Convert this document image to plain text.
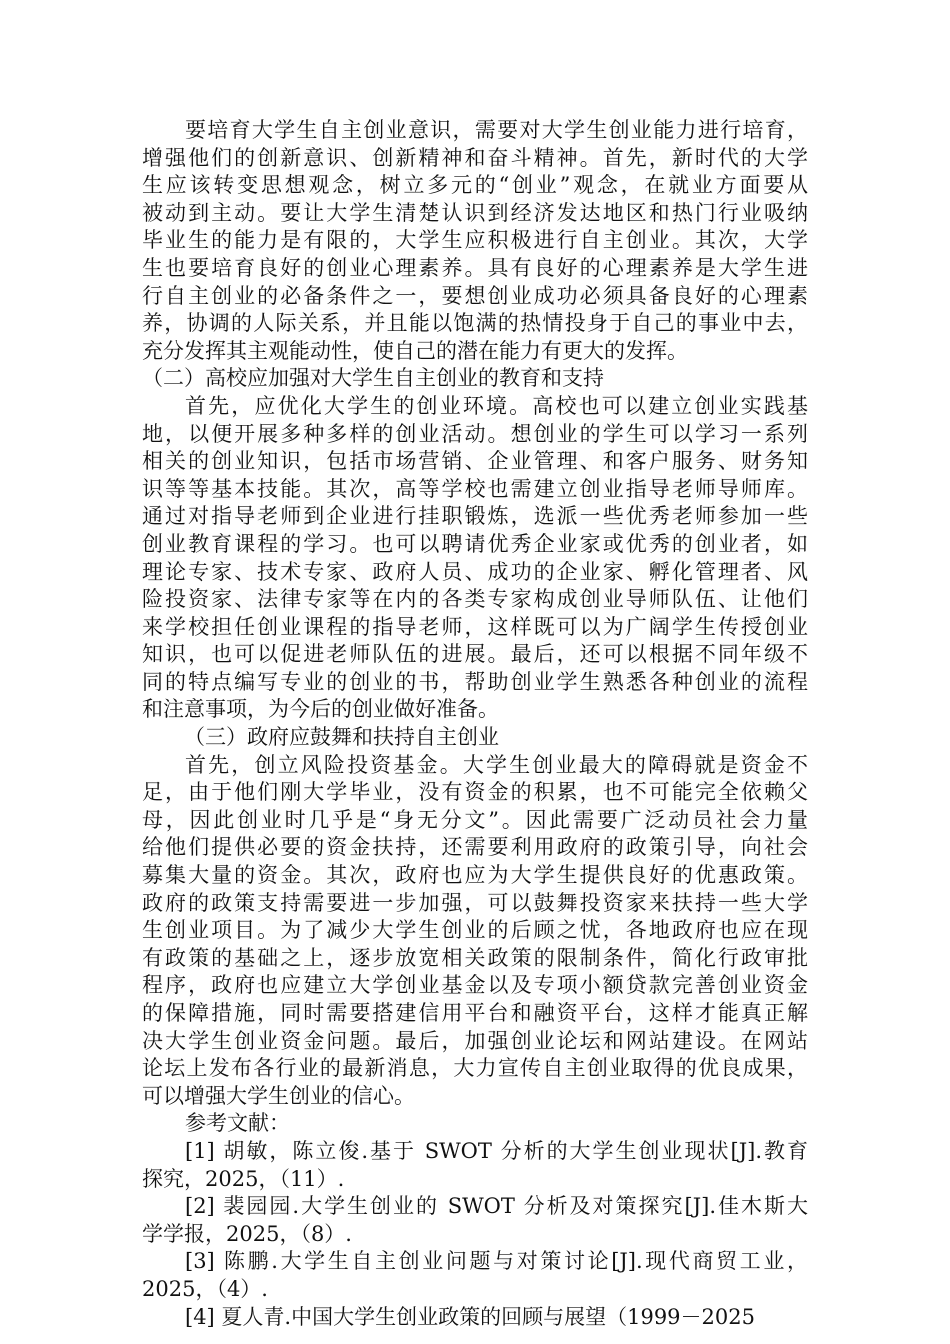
要培育大学生自主创业意识，需要对大学生创业能力进行培育，
增强他们的创新意识、创新精神和奋斗精神。首先，新时代的大学
生应该转变思想观念，树立多元的“创业”观念，在就业方面要从
被动到主动。要让大学生清楚认识到经济发达地区和热门行业吸纳
毕业生的能力是有限的，大学生应积极进行自主创业。其次，大学
生也要培育良好的创业心理素养。具有良好的心理素养是大学生进
行自主创业的必备条件之一，要想创业成功必须具备良好的心理素
养，协调的人际关系，并且能以饱满的热情投身于自己的事业中去，
充分发挥其主观能动性，使自己的潜在能力有更大的发挥。
（二）高校应加强对大学生自主创业的教育和支持
首先，应优化大学生的创业环境。高校也可以建立创业实践基
地，以便开展多种多样的创业活动。想创业的学生可以学习一系列
相关的创业知识，包括市场营销、企业管理、和客户服务、财务知
识等等基本技能。其次，高等学校也需建立创业指导老师导师库。
通过对指导老师到企业进行挂职锻炼，选派一些优秀老师参加一些
创业教育课程的学习。也可以聘请优秀企业家或优秀的创业者，如
理论专家、技术专家、政府人员、成功的企业家、孵化管理者、风
险投资家、法律专家等在内的各类专家构成创业导师队伍、让他们
来学校担任创业课程的指导老师，这样既可以为广阔学生传授创业
知识，也可以促进老师队伍的进展。最后，还可以根据不同年级不
同的特点编写专业的创业的书，帮助创业学生熟悉各种创业的流程
和注意事项，为今后的创业做好准备。
（三）政府应鼓舞和扶持自主创业
首先，创立风险投资基金。大学生创业最大的障碍就是资金不
足，由于他们刚大学毕业，没有资金的积累，也不可能完全依赖父
母，因此创业时几乎是“身无分文”。因此需要广泛动员社会力量
给他们提供必要的资金扶持，还需要利用政府的政策引导，向社会
募集大量的资金。其次，政府也应为大学生提供良好的优惠政策。
政府的政策支持需要进一步加强，可以鼓舞投资家来扶持一些大学
生创业项目。为了减少大学生创业的后顾之忧，各地政府也应在现
有政策的基础之上，逐步放宽相关政策的限制条件，简化行政审批
程序，政府也应建立大学创业基金以及专项小额贷款完善创业资金
的保障措施，同时需要搭建信用平台和融资平台，这样才能真正解
决大学生创业资金问题。最后，加强创业论坛和网站建设。在网站
论坛上发布各行业的最新消息，大力宣传自主创业取得的优良成果，
可以增强大学生创业的信心。
参考文献：
[1] 胡敏，陈立俊.基于 SWOT 分析的大学生创业现状[J].教育
探究，2025，（11）.
[2] 裴园园.大学生创业的 SWOT 分析及对策探究[J].佳木斯大
学学报，2025，（8）.
[3] 陈鹏.大学生自主创业问题与对策讨论[J].现代商贸工业，
2025，（4）.
[4] 夏人青.中国大学生创业政策的回顾与展望（1999－2025
